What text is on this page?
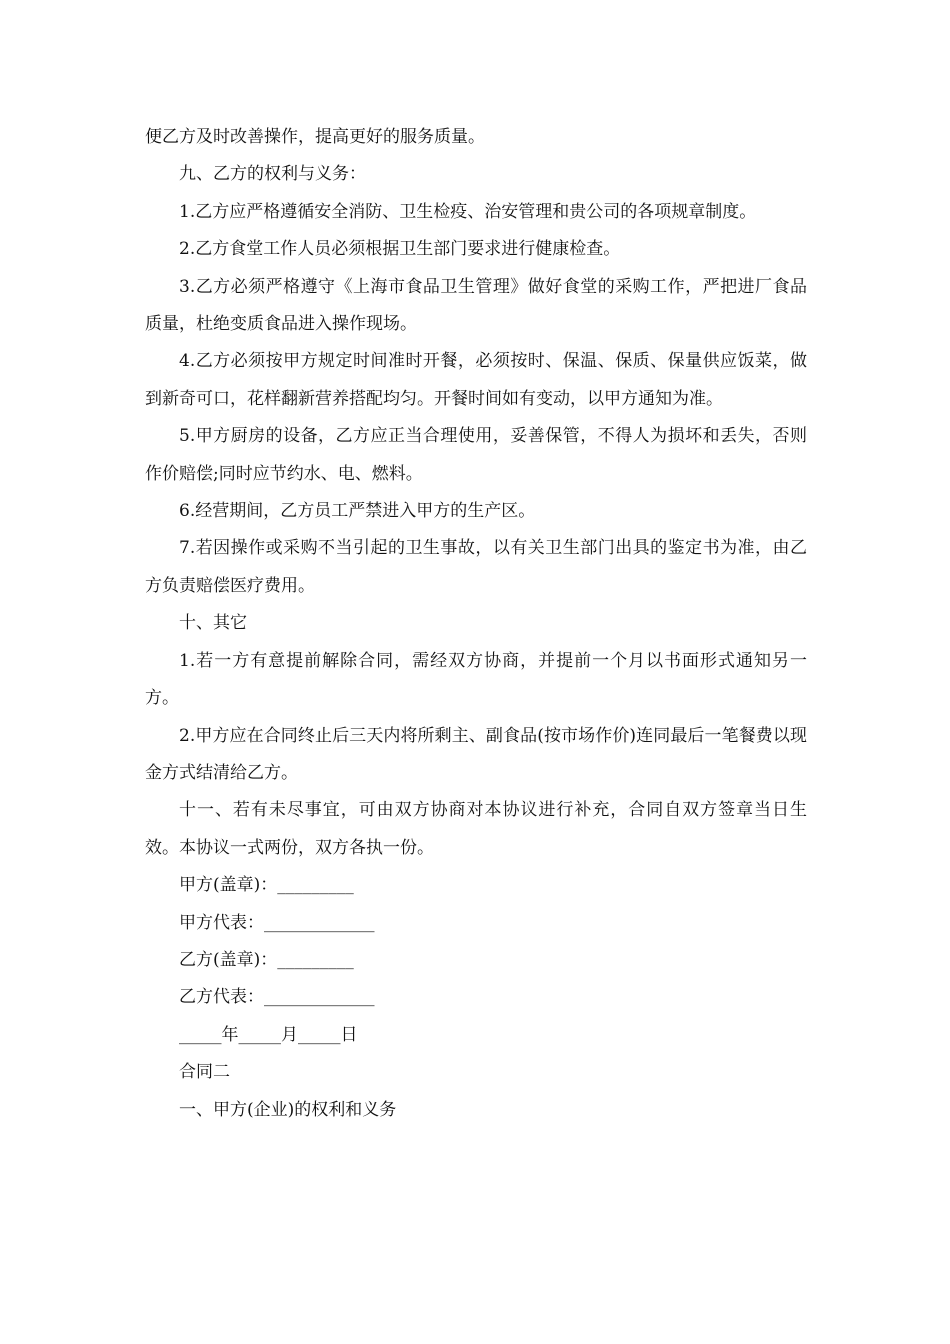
便乙方及时改善操作，提高更好的服务质量。

九、乙方的权利与义务：

1.乙方应严格遵循安全消防、卫生检疫、治安管理和贵公司的各项规章制度。

2.乙方食堂工作人员必须根据卫生部门要求进行健康检查。

3.乙方必须严格遵守《上海市食品卫生管理》做好食堂的采购工作，严把进厂食品质量，杜绝变质食品进入操作现场。

4.乙方必须按甲方规定时间准时开餐，必须按时、保温、保质、保量供应饭菜，做到新奇可口，花样翻新营养搭配均匀。开餐时间如有变动，以甲方通知为准。

5.甲方厨房的设备，乙方应正当合理使用，妥善保管，不得人为损坏和丢失，否则作价赔偿;同时应节约水、电、燃料。

6.经营期间，乙方员工严禁进入甲方的生产区。

7.若因操作或采购不当引起的卫生事故，以有关卫生部门出具的鉴定书为准，由乙方负责赔偿医疗费用。

十、其它

1.若一方有意提前解除合同，需经双方协商，并提前一个月以书面形式通知另一方。

2.甲方应在合同终止后三天内将所剩主、副食品(按市场作价)连同最后一笔餐费以现金方式结清给乙方。

十一、若有未尽事宜，可由双方协商对本协议进行补充，合同自双方签章当日生效。本协议一式两份，双方各执一份。

甲方(盖章)：_________

甲方代表：_____________

乙方(盖章)：_________

乙方代表：_____________

_____年_____月_____日

合同二

一、甲方(企业)的权利和义务
